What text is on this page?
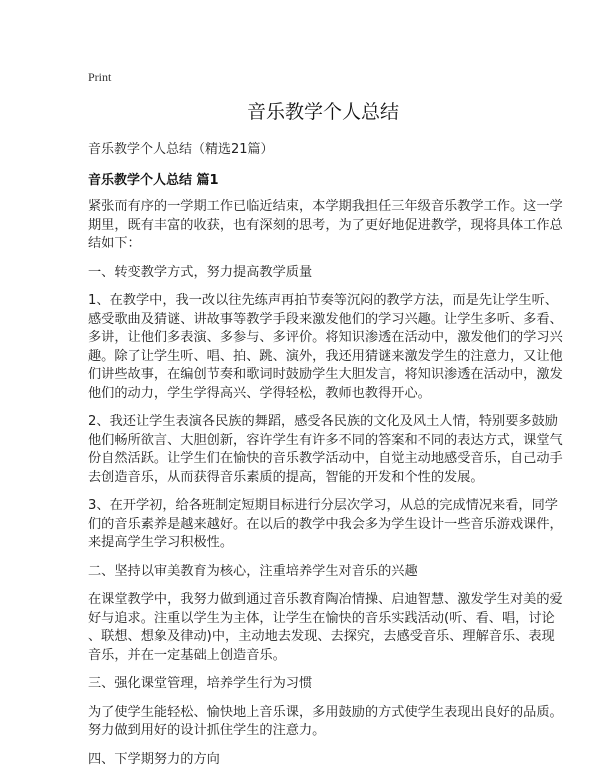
Print
音乐教学个人总结
音乐教学个人总结（精选21篇）
音乐教学个人总结 篇1
紧张而有序的一学期工作已临近结束，本学期我担任三年级音乐教学工作。这一学
期里，既有丰富的收获，也有深刻的思考，为了更好地促进教学，现将具体工作总
结如下：
一、转变教学方式，努力提高教学质量
1、在教学中，我一改以往先练声再拍节奏等沉闷的教学方法，而是先让学生听、
感受歌曲及猜谜、讲故事等教学手段来激发他们的学习兴趣。让学生多听、多看、
多讲，让他们多表演、多参与、多评价。将知识渗透在活动中，激发他们的学习兴
趣。除了让学生听、唱、拍、跳、演外，我还用猜谜来激发学生的注意力，又让他
们讲些故事，在编创节奏和歌词时鼓励学生大胆发言，将知识渗透在活动中，激发
他们的动力，学生学得高兴、学得轻松，教师也教得开心。
2、我还让学生表演各民族的舞蹈，感受各民族的文化及风土人情，特别要多鼓励
他们畅所欲言、大胆创新，容许学生有许多不同的答案和不同的表达方式，课堂气
份自然活跃。让学生们在愉快的音乐教学活动中，自觉主动地感受音乐，自己动手
去创造音乐，从而获得音乐素质的提高，智能的开发和个性的发展。
3、在开学初，给各班制定短期目标进行分层次学习，从总的完成情况来看，同学
们的音乐素养是越来越好。在以后的教学中我会多为学生设计一些音乐游戏课件，
来提高学生学习积极性。
二、坚持以审美教育为核心，注重培养学生对音乐的兴趣
在课堂教学中，我努力做到通过音乐教育陶冶情操、启迪智慧、激发学生对美的爱
好与追求。注重以学生为主体，让学生在愉快的音乐实践活动(听、看、唱，讨论
、联想、想象及律动)中，主动地去发现、去探究，去感受音乐、理解音乐、表现
音乐，并在一定基础上创造音乐。
三、强化课堂管理，培养学生行为习惯
为了使学生能轻松、愉快地上音乐课，多用鼓励的方式使学生表现出良好的品质。
努力做到用好的设计抓住学生的注意力。
四、下学期努力的方向
